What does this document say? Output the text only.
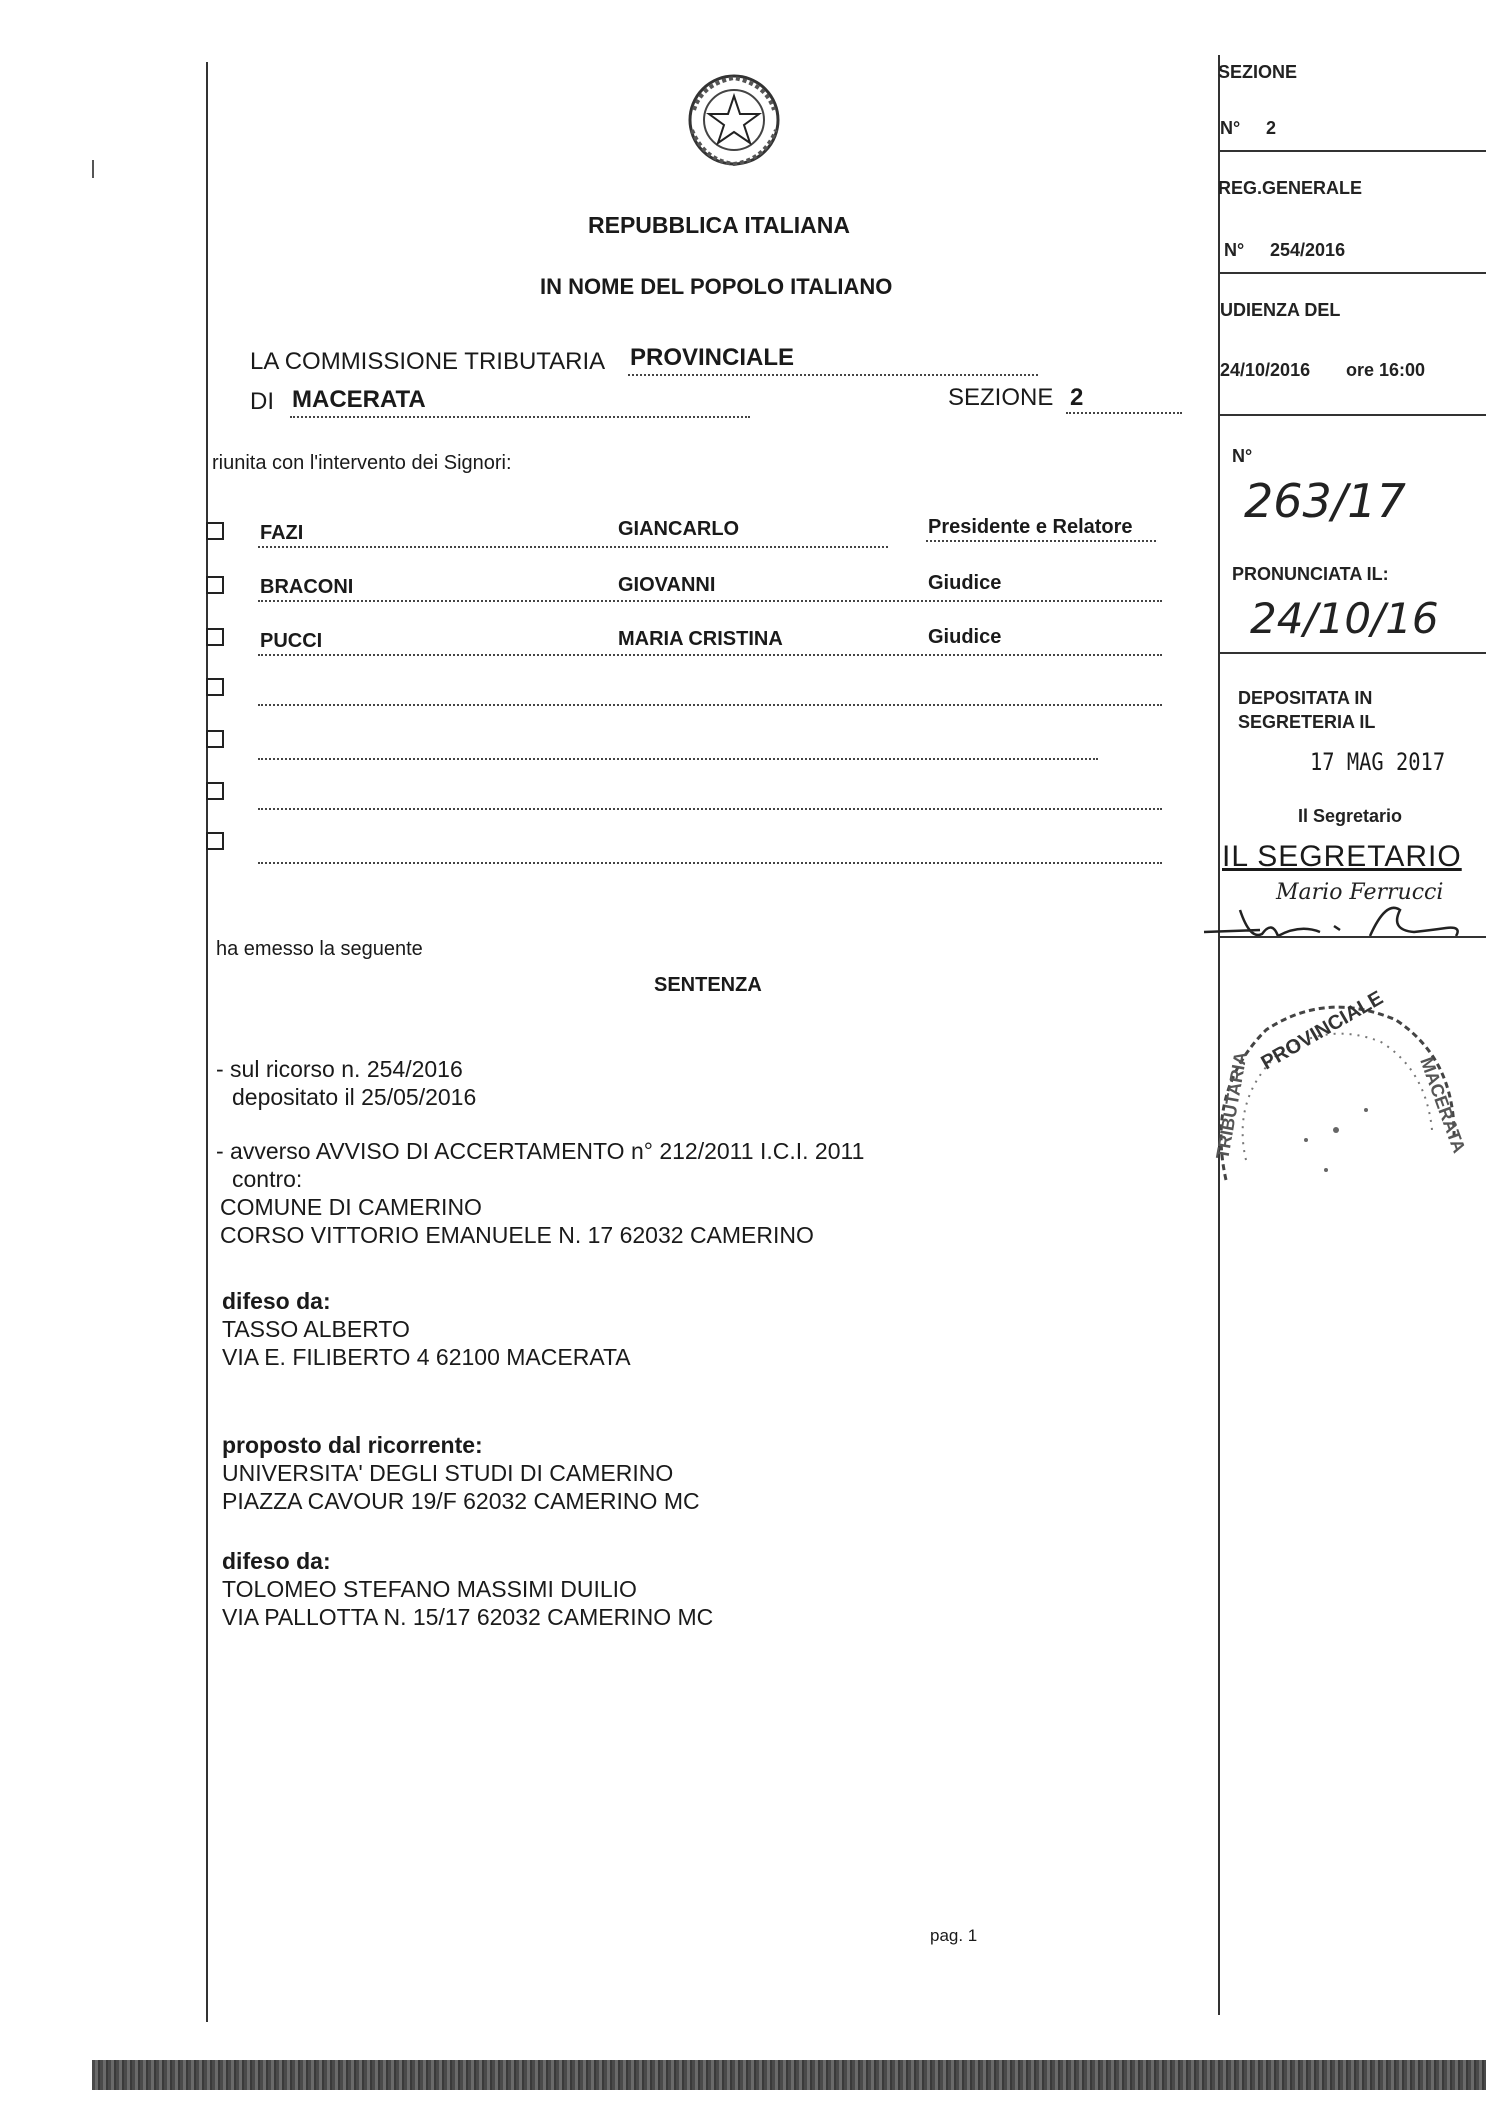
REPUBBLICA ITALIANA
IN NOME DEL POPOLO ITALIANO
LA COMMISSIONE TRIBUTARIA PROVINCIALE
DI MACERATA	SEZIONE 2
riunita con l'intervento dei Signori:
FAZI	GIANCARLO	Presidente e Relatore
BRACONI	GIOVANNI	Giudice
PUCCI	MARIA CRISTINA	Giudice
ha emesso la seguente
SENTENZA
- sul ricorso n. 254/2016
depositato il 25/05/2016
- avverso AVVISO DI ACCERTAMENTO n° 212/2011 I.C.I. 2011
contro:
COMUNE DI CAMERINO
CORSO VITTORIO EMANUELE N. 17 62032 CAMERINO
difeso da:
TASSO ALBERTO
VIA E. FILIBERTO 4 62100 MACERATA
proposto dal ricorrente:
UNIVERSITA' DEGLI STUDI DI CAMERINO
PIAZZA CAVOUR 19/F 62032 CAMERINO MC
difeso da:
TOLOMEO STEFANO MASSIMI DUILIO
VIA PALLOTTA N. 15/17 62032 CAMERINO MC
pag. 1
SEZIONE
N° 2
REG.GENERALE
N° 254/2016
UDIENZA DEL
24/10/2016 ore 16:00
N°
263/17
PRONUNCIATA IL:
24/10/16
DEPOSITATA IN
SEGRETERIA IL
17 MAG 2017
Il Segretario
IL SEGRETARIO
Mario Ferrucci
PROVINCIALE
TRIBUTARIA	MACERATA
